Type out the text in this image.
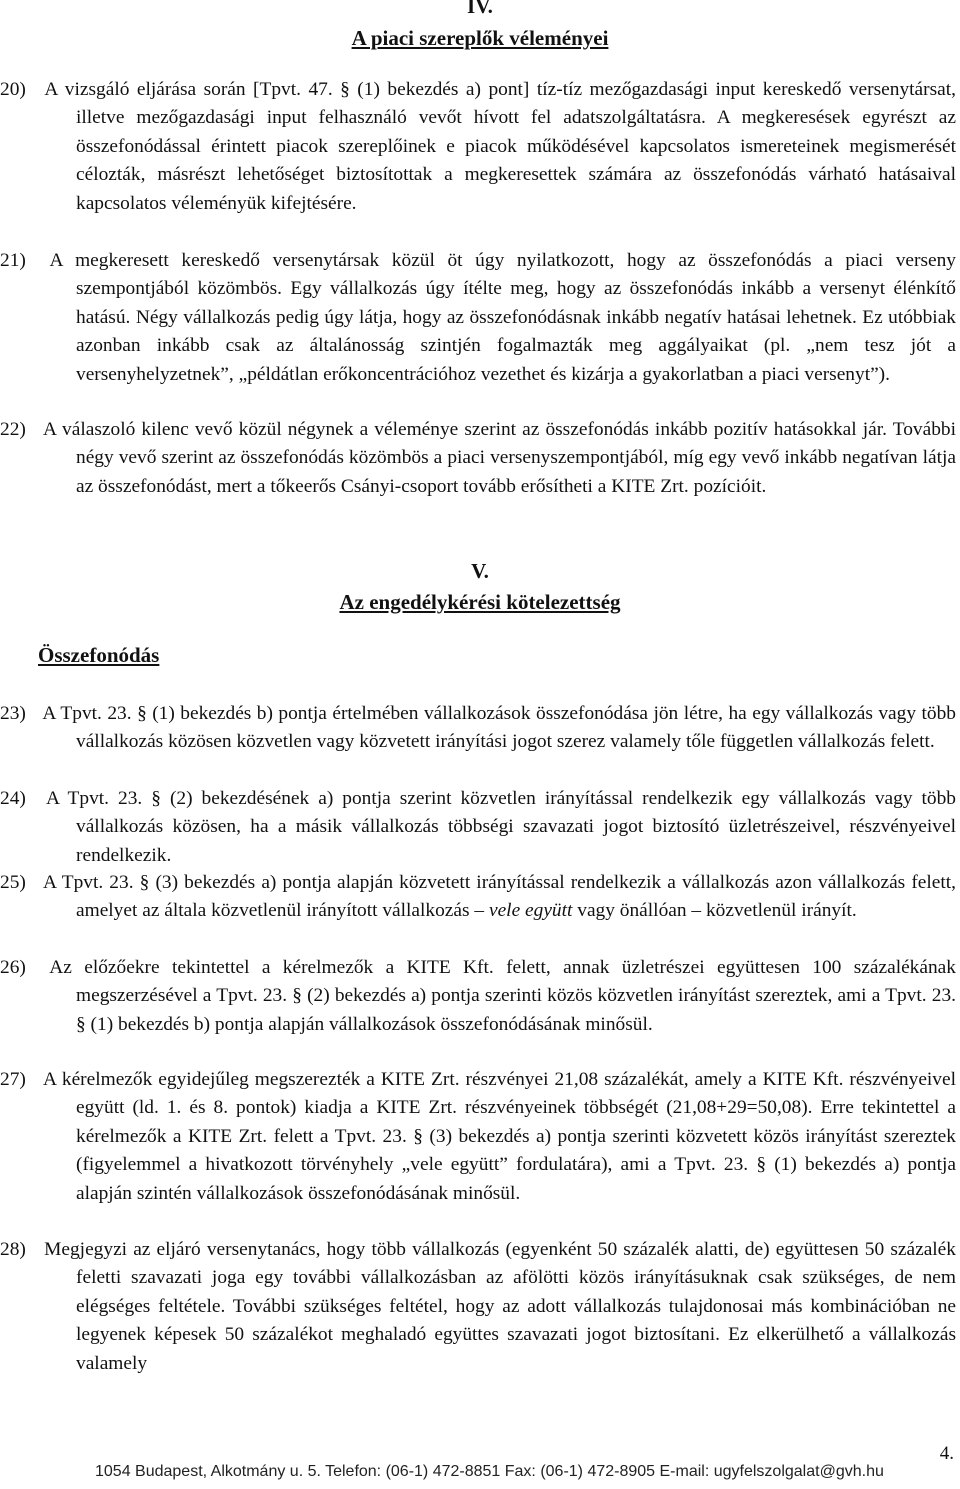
IV.
A piaci szereplők véleményei

20) A vizsgáló eljárása során [Tpvt. 47. § (1) bekezdés a) pont] tíz-tíz mezőgazdasági input kereskedő versenytársat, illetve mezőgazdasági input felhasználó vevőt hívott fel adatszolgáltatásra. A megkeresések egyrészt az összefonódással érintett piacok szereplőinek e piacok működésével kapcsolatos ismereteinek megismerését célozták, másrészt lehetőséget biztosítottak a megkeresettek számára az összefonódás várható hatásaival kapcsolatos véleményük kifejtésére.

21) A megkeresett kereskedő versenytársak közül öt úgy nyilatkozott, hogy az összefonódás a piaci verseny szempontjából közömbös. Egy vállalkozás úgy ítélte meg, hogy az összefonódás inkább a versenyt élénkítő hatású. Négy vállalkozás pedig úgy látja, hogy az összefonódásnak inkább negatív hatásai lehetnek. Ez utóbbiak azonban inkább csak az általánosság szintjén fogalmazták meg aggályaikat (pl. „nem tesz jót a versenyhelyzetnek”, „példátlan erőkoncentrációhoz vezethet és kizárja a gyakorlatban a piaci versenyt”).

22) A válaszoló kilenc vevő közül négynek a véleménye szerint az összefonódás inkább pozitív hatásokkal jár. További négy vevő szerint az összefonódás közömbös a piaci versenyszempontjából, míg egy vevő inkább negatívan látja az összefonódást, mert a tőkeerős Csányi-csoport tovább erősítheti a KITE Zrt. pozícióit.

V.
Az engedélykérési kötelezettség
Összefonódás

23) A Tpvt. 23. § (1) bekezdés b) pontja értelmében vállalkozások összefonódása jön létre, ha egy vállalkozás vagy több vállalkozás közösen közvetlen vagy közvetett irányítási jogot szerez valamely tőle független vállalkozás felett.

24) A Tpvt. 23. § (2) bekezdésének a) pontja szerint közvetlen irányítással rendelkezik egy vállalkozás vagy több vállalkozás közösen, ha a másik vállalkozás többségi szavazati jogot biztosító üzletrészeivel, részvényeivel rendelkezik.

25) A Tpvt. 23. § (3) bekezdés a) pontja alapján közvetett irányítással rendelkezik a vállalkozás azon vállalkozás felett, amelyet az általa közvetlenül irányított vállalkozás – vele együtt vagy önállóan – közvetlenül irányít.

26) Az előzőekre tekintettel a kérelmezők a KITE Kft. felett, annak üzletrészei együttesen 100 százalékának megszerzésével a Tpvt. 23. § (2) bekezdés a) pontja szerinti közös közvetlen irányítást szereztek, ami a Tpvt. 23. § (1) bekezdés b) pontja alapján vállalkozások összefonódásának minősül.

27) A kérelmezők egyidejűleg megszerezték a KITE Zrt. részvényei 21,08 százalékát, amely a KITE Kft. részvényeivel együtt (ld. 1. és 8. pontok) kiadja a KITE Zrt. részvényeinek többségét (21,08+29=50,08). Erre tekintettel a kérelmezők a KITE Zrt. felett a Tpvt. 23. § (3) bekezdés a) pontja szerinti közvetett közös irányítást szereztek (figyelemmel a hivatkozott törvényhely „vele együtt” fordulatára), ami a Tpvt. 23. § (1) bekezdés a) pontja alapján szintén vállalkozások összefonódásának minősül.

28) Megjegyzi az eljáró versenytanács, hogy több vállalkozás (egyenként 50 százalék alatti, de) együttesen 50 százalék feletti szavazati joga egy további vállalkozásban az afölötti közös irányításuknak csak szükséges, de nem elégséges feltétele. További szükséges feltétel, hogy az adott vállalkozás tulajdonosai más kombinációban ne legyenek képesek 50 százalékot meghaladó együttes szavazati jogot biztosítani. Ez elkerülhető a vállalkozás valamely

4.
1054 Budapest, Alkotmány u. 5. Telefon: (06-1) 472-8851 Fax: (06-1) 472-8905 E-mail: ugyfelszolgalat@gvh.hu
